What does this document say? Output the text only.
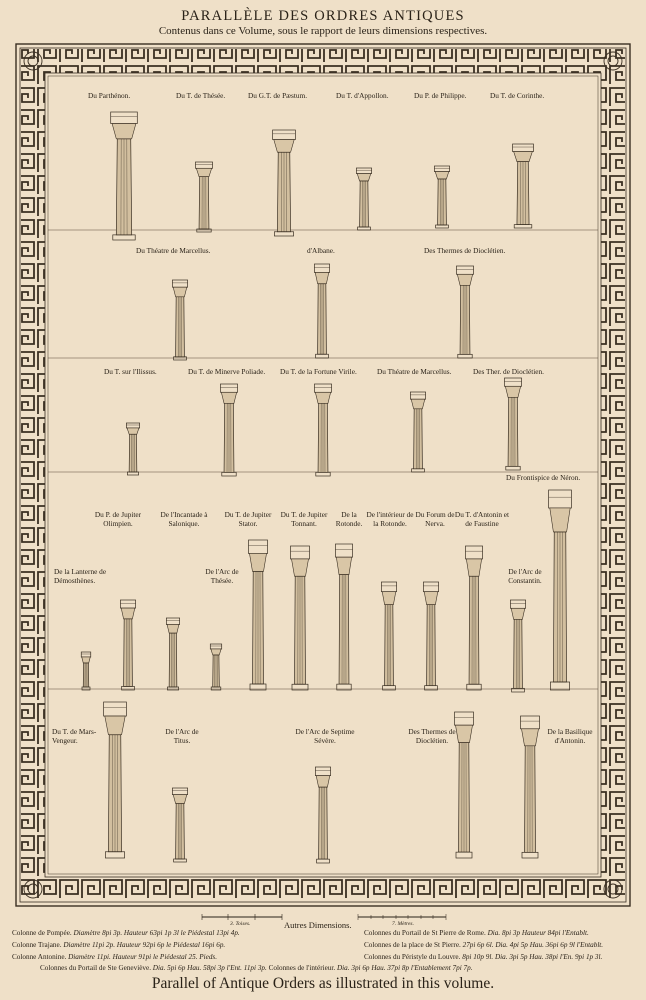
PARALLÈLE DES ORDRES ANTIQUES
Contenus dans ce Volume, sous le rapport de leurs dimensions respectives.
Du Parthénon.	Du T. de Thésée.	Du G.T. de Pæstum.	Du T. d'Appollon.	Du P. de Philippe.	Du T. de Corinthe.
Du Théatre de Marcellus.	d'Albane.	Des Thermes de Dioclétien.
Du T. sur l'Ilissus.	Du T. de Minerve Poliade. Du T. de la Fortune Virile.	Du Théatre de Marcellus.	Des Ther. de Dioclétien.
Du Frontispice de Néron.
Du P. de Jupiter Olimpien.
De l'Incantade à Salonique.
Du T. de Jupiter Stator.
Du T. de Jupiter Tonnant.
De la Rotonde.
De l'intérieur de la Rotonde.
Du Forum de Nerva.
Du T. d'Antonin et de Faustine
De la Lanterne de Démosthènes.
De l'Arc de Thésée.
De l'Arc de Constantin.
Du T. de Mars-Vengeur.
De l'Arc de Titus.
De l'Arc de Septime Sévère.
Des Thermes de Dioclétien.
De la Basilique d'Antonin.
Autres Dimensions.
3. Toises.	7. Mètres.
Colonne de Pompée. Diamètre 8pi 3p. Hauteur 63pi 1p 3l le Piédestal 13pi 4p.
Colonne Trajane. Diamètre 11pi 2p. Hauteur 92pi 6p le Piédestal 16pi 6p.
Colonne Antonine. Diamètre 11pi. Hauteur 91pi le Piédestal 25. Pieds.
Colonnes du Portail de St Pierre de Rome. Dia. 8pi 3p Hauteur 84pi l'Entablt.
Colonnes de la place de St Pierre. 27pi 6p 6l. Dia. 4pi 5p Hau. 36pi 6p 9l l'Entablt.
Colonnes du Péristyle du Louvre. 8pi 10p 9l. Dia. 3pi 5p Hau. 38pi l'En. 9pi 1p 3l.
Colonnes du Portail de Ste Geneviève. Dia. 5pi 6p Hau. 58pi 3p l'Ent. 11pi 3p. Colonnes de l'intérieur. Dia. 3pi 6p Hau. 37pi 8p l'Entablement 7pi 7p.
Parallel of Antique Orders as illustrated in this volume.
